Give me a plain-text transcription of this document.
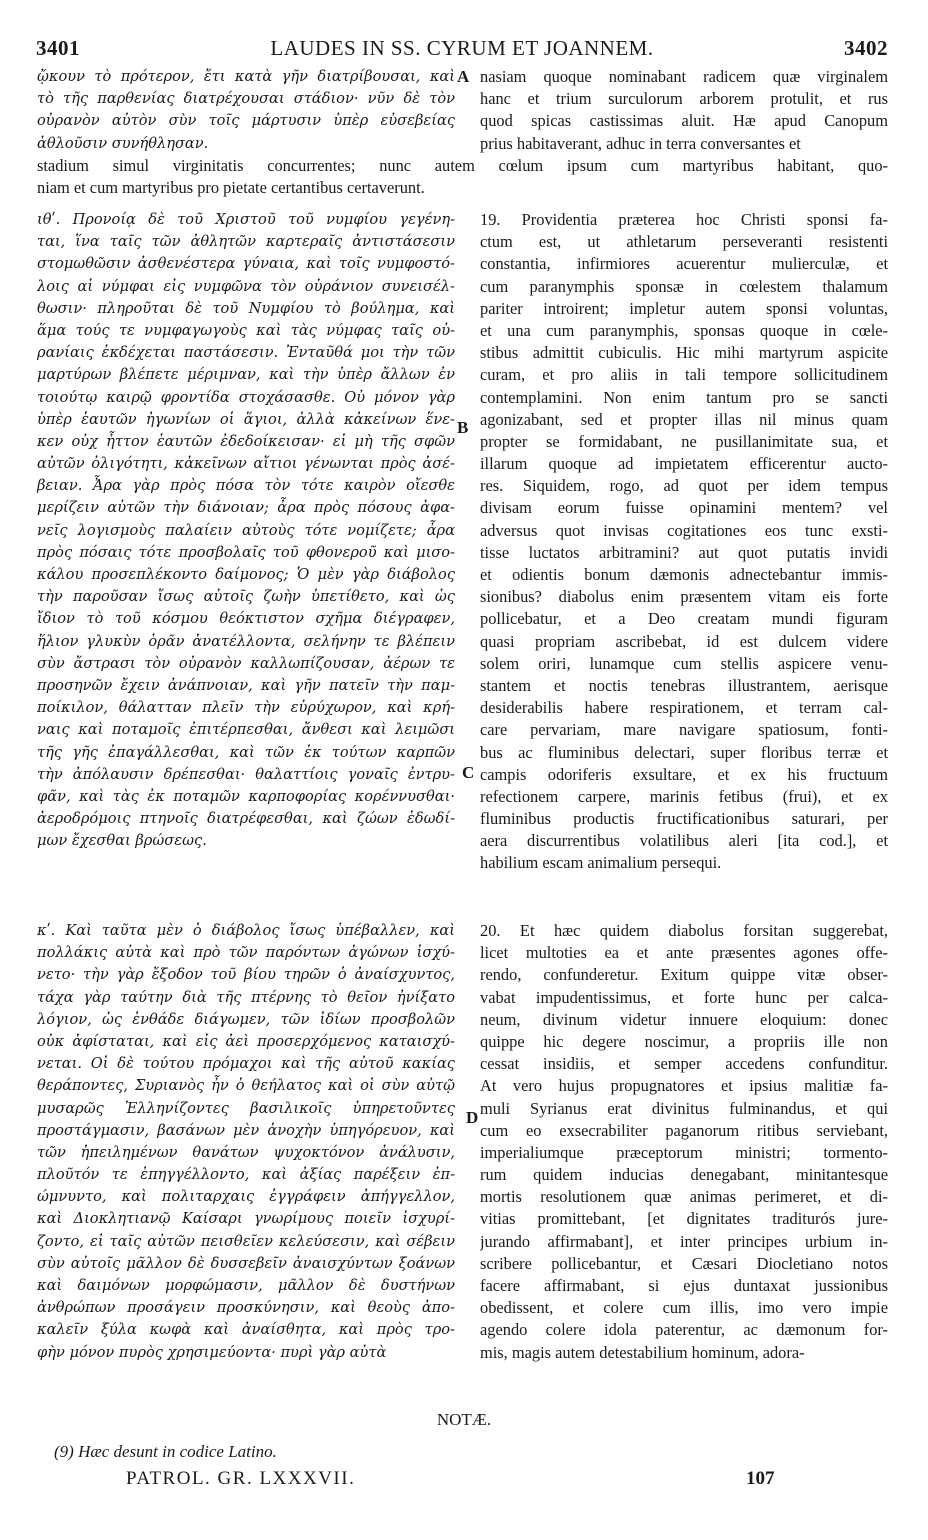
3401	LAUDES IN SS. CYRUM ET JOANNEM.	3402
ᾤκουν τὸ πρότερον, ἔτι κατὰ γῆν διατρίβουσαι, καὶ
τὸ τῆς παρθενίας διατρέχουσαι στάδιον· νῦν δὲ τὸν
οὐρανὸν αὐτὸν σὺν τοῖς μάρτυσιν ὑπὲρ εὐσεβείας
ἀθλοῦσιν συνήθλησαν.
nasiam quoque nominabant radicem quæ virginalem
hanc et trium surculorum arborem protulit, et rus
quod spicas castissimas aluit. Hæ apud Canopum
prius habitaverant, adhuc in terra conversantes et
stadium simul virginitatis concurrentes; nunc autem cœlum ipsum cum martyribus habitant, quo-
niam et cum martyribus pro pietate certantibus certaverunt.
ιθʹ. Προνοίᾳ δὲ τοῦ Χριστοῦ τοῦ νυμφίου γεγένη-
ται, ἵνα ταῖς τῶν ἀθλητῶν καρτεραῖς ἀντιστάσεσιν
στομωθῶσιν ἀσθενέστερα γύναια, καὶ τοῖς νυμφοστό-
λοις αἱ νύμφαι εἰς νυμφῶνα τὸν οὐράνιον συνεισέλ-
θωσιν· πληροῦται δὲ τοῦ Νυμφίου τὸ βούλημα, καὶ
ἅμα τούς τε νυμφαγωγοὺς καὶ τὰς νύμφας ταῖς οὐ-
ρανίαις ἐκδέχεται παστάσεσιν. Ἐνταῦθά μοι τὴν τῶν
μαρτύρων βλέπετε μέριμναν, καὶ τὴν ὑπὲρ ἄλλων ἐν
τοιούτῳ καιρῷ φροντίδα στοχάσασθε. Οὐ μόνον γὰρ
ὑπὲρ ἑαυτῶν ἠγωνίων οἱ ἅγιοι, ἀλλὰ κἀκείνων ἕνε-
κεν οὐχ ἧττον ἑαυτῶν ἐδεδοίκεισαν· εἰ μὴ τῆς σφῶν
αὐτῶν ὀλιγότητι, κἀκεῖνων αἴτιοι γένωνται πρὸς ἀσέ-
βειαν. Ἆρα γὰρ πρὸς πόσα τὸν τότε καιρὸν οἴεσθε
μερίζειν αὐτῶν τὴν διάνοιαν; ἆρα πρὸς πόσους ἀφα-
νεῖς λογισμοὺς παλαίειν αὐτοὺς τότε νομίζετε; ἆρα
πρὸς πόσαις τότε προσβολαῖς τοῦ φθονεροῦ καὶ μισο-
κάλου προσεπλέκοντο δαίμονος; Ὁ μὲν γὰρ διάβολος
τὴν παροῦσαν ἴσως αὐτοῖς ζωὴν ὑπετίθετο, καὶ ὡς
ἴδιον τὸ τοῦ κόσμου θεόκτιστον σχῆμα διέγραφεν,
ἥλιον γλυκὺν ὁρᾶν ἀνατέλλοντα, σελήνην τε βλέπειν
σὺν ἄστρασι τὸν οὐρανὸν καλλωπίζουσαν, ἀέρων τε
προσηνῶν ἔχειν ἀνάπνοιαν, καὶ γῆν πατεῖν τὴν παμ-
ποίκιλον, θάλατταν πλεῖν τὴν εὐρύχωρον, καὶ κρή-
ναις καὶ ποταμοῖς ἐπιτέρπεσθαι, ἄνθεσι καὶ λειμῶσι
τῆς γῆς ἐπαγάλλεσθαι, καὶ τῶν ἐκ τούτων καρπῶν
τὴν ἀπόλαυσιν δρέπεσθαι· θαλαττίοις γοναῖς ἐντρυ-
φᾶν, καὶ τὰς ἐκ ποταμῶν καρποφορίας κορέννυσθαι·
ἀεροδρόμοις πτηνοῖς διατρέφεσθαι, καὶ ζώων ἐδωδί-
μων ἔχεσθαι βρώσεως.
19. Providentia præterea hoc Christi sponsi fa-
ctum est, ut athletarum perseveranti resistenti
constantia, infirmiores acuerentur mulierculæ, et
cum paranymphis sponsæ in cœlestem thalamum
pariter introirent; impletur autem sponsi voluntas,
et una cum paranymphis, sponsas quoque in cœle-
stibus admittit cubiculis. Hic mihi martyrum aspicite
curam, et pro aliis in tali tempore sollicitudinem
contemplamini. Non enim tantum pro se sancti
agonizabant, sed et propter illas nil minus quam
propter se formidabant, ne pusillanimitate sua, et
illarum quoque ad impietatem efficerentur aucto-
res. Siquidem, rogo, ad quot per idem tempus
divisam eorum fuisse opinamini mentem? vel
adversus quot invisas cogitationes eos tunc exsti-
tisse luctatos arbitramini? aut quot putatis invidi
et odientis bonum dæmonis adnectebantur immis-
sionibus? diabolus enim præsentem vitam eis forte
pollicebatur, et a Deo creatam mundi figuram
quasi propriam ascribebat, id est dulcem videre
solem oriri, lunamque cum stellis aspicere venu-
stantem et noctis tenebras illustrantem, aerisque
desiderabilis habere respirationem, et terram cal-
care pervariam, mare navigare spatiosum, fonti-
bus ac fluminibus delectari, super floribus terræ et
campis odoriferis exsultare, et ex his fructuum
refectionem carpere, marinis fetibus (frui), et ex
fluminibus productis fructificationibus saturari, per
aera discurrentibus volatilibus aleri [ita cod.], et
habilium escam animalium persequi.
κʹ. Καὶ ταῦτα μὲν ὁ διάβολος ἴσως ὑπέβαλλεν, καὶ
πολλάκις αὐτὰ καὶ πρὸ τῶν παρόντων ἀγώνων ἰσχύ-
νετο· τὴν γὰρ ἔξοδον τοῦ βίου τηρῶν ὁ ἀναίσχυντος,
τάχα γὰρ ταύτην διὰ τῆς πτέρνης τὸ θεῖον ἠνίξατο
λόγιον, ὡς ἐνθάδε διάγωμεν, τῶν ἰδίων προσβολῶν
οὐκ ἀφίσταται, καὶ εἰς ἀεὶ προσερχόμενος καταισχύ-
νεται. Οἱ δὲ τούτου πρόμαχοι καὶ τῆς αὐτοῦ κακίας
θεράποντες, Συριανὸς ἦν ὁ θεήλατος καὶ οἱ σὺν αὐτῷ
μυσαρῶς Ἑλληνίζοντες βασιλικοῖς ὑπηρετοῦντες
προστάγμασιν, βασάνων μὲν ἀνοχὴν ὑπηγόρευον, καὶ
τῶν ἠπειλημένων θανάτων ψυχοκτόνον ἀνάλυσιν,
πλοῦτόν τε ἐπηγγέλλοντο, καὶ ἀξίας παρέξειν ἐπ-
ώμνυντο, καὶ πολιταρχαις ἐγγράφειν ἀπήγγελλον,
καὶ Διοκλητιανῷ Καίσαρι γνωρίμους ποιεῖν ἰσχυρί-
ζοντο, εἰ ταῖς αὐτῶν πεισθεῖεν κελεύσεσιν, καὶ σέβειν
σὺν αὐτοῖς μᾶλλον δὲ δυσσεβεῖν ἀναισχύντων ξοάνων
καὶ δαιμόνων μορφώμασιν, μᾶλλον δὲ δυστήνων
ἀνθρώπων προσάγειν προσκύνησιν, καὶ θεοὺς ἀπο-
καλεῖν ξύλα κωφὰ καὶ ἀναίσθητα, καὶ πρὸς τρο-
φὴν μόνον πυρὸς χρησιμεύοντα· πυρὶ γὰρ αὐτὰ
20. Et hæc quidem diabolus forsitan suggerebat,
licet multoties ea et ante præsentes agones offe-
rendo, confunderetur. Exitum quippe vitæ obser-
vabat impudentissimus, et forte hunc per calca-
neum, divinum videtur innuere eloquium: donec
quippe hic degere noscimur, a propriis ille non
cessat insidiis, et semper accedens confunditur.
At vero hujus propugnatores et ipsius malitiæ fa-
muli Syrianus erat divinitus fulminandus, et qui
cum eo exsecrabiliter paganorum ritibus serviebant,
imperialiumque præceptorum ministri; tormento-
rum quidem inducias denegabant, minitantesque
mortis resolutionem quæ animas perimeret, et di-
vitias promittebant, [et dignitates traditurós jure-
jurando affirmabant], et inter principes urbium in-
scribere pollicebantur, et Cæsari Diocletiano notos
facere affirmabant, si ejus duntaxat jussionibus
obedissent, et colere cum illis, imo vero impie
agendo colere idola paterentur, ac dæmonum for-
mis, magis autem detestabilium hominum, adora-
A
B
C
D
NOTÆ.
(9) Hæc desunt in codice Latino.
PATROL. GR. LXXXVII.	107
